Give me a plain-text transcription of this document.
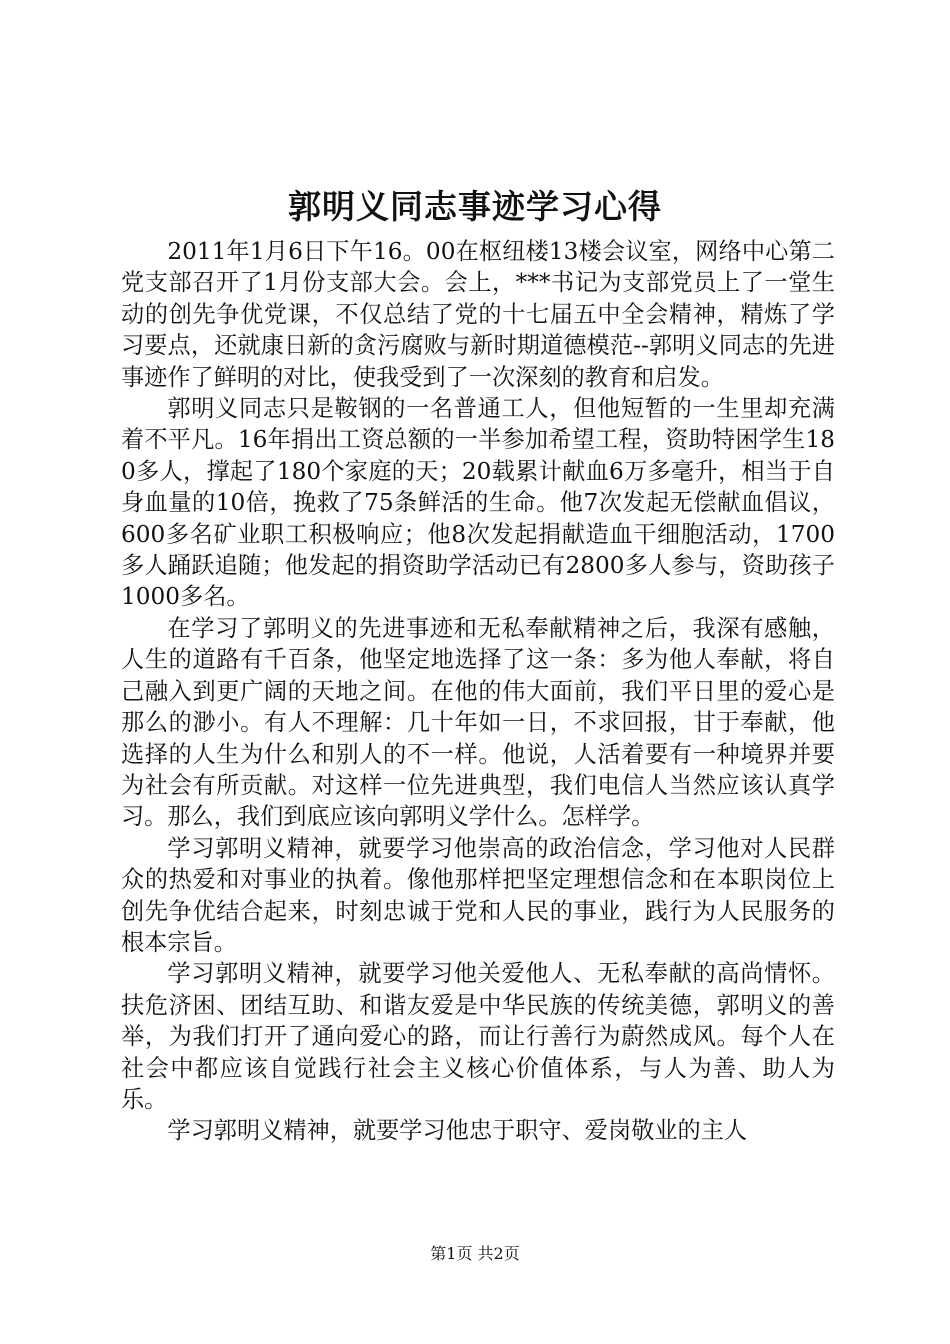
郭明义同志事迹学习心得

2011年1月6日下午16。00在枢纽楼13楼会议室，网络中心第二党支部召开了1月份支部大会。会上，***书记为支部党员上了一堂生动的创先争优党课，不仅总结了党的十七届五中全会精神，精炼了学习要点，还就康日新的贪污腐败与新时期道德模范--郭明义同志的先进事迹作了鲜明的对比，使我受到了一次深刻的教育和启发。

郭明义同志只是鞍钢的一名普通工人，但他短暂的一生里却充满着不平凡。16年捐出工资总额的一半参加希望工程，资助特困学生180多人，撑起了180个家庭的天；20载累计献血6万多毫升，相当于自身血量的10倍，挽救了75条鲜活的生命。他7次发起无偿献血倡议，600多名矿业职工积极响应；他8次发起捐献造血干细胞活动，1700多人踊跃追随；他发起的捐资助学活动已有2800多人参与，资助孩子1000多名。

在学习了郭明义的先进事迹和无私奉献精神之后，我深有感触，人生的道路有千百条，他坚定地选择了这一条：多为他人奉献，将自己融入到更广阔的天地之间。在他的伟大面前，我们平日里的爱心是那么的渺小。有人不理解：几十年如一日，不求回报，甘于奉献，他选择的人生为什么和别人的不一样。他说，人活着要有一种境界并要为社会有所贡献。对这样一位先进典型，我们电信人当然应该认真学习。那么，我们到底应该向郭明义学什么。怎样学。

学习郭明义精神，就要学习他崇高的政治信念，学习他对人民群众的热爱和对事业的执着。像他那样把坚定理想信念和在本职岗位上创先争优结合起来，时刻忠诚于党和人民的事业，践行为人民服务的根本宗旨。

学习郭明义精神，就要学习他关爱他人、无私奉献的高尚情怀。扶危济困、团结互助、和谐友爱是中华民族的传统美德，郭明义的善举，为我们打开了通向爱心的路，而让行善行为蔚然成风。每个人在社会中都应该自觉践行社会主义核心价值体系，与人为善、助人为乐。

学习郭明义精神，就要学习他忠于职守、爱岗敬业的主人

第1页 共2页
